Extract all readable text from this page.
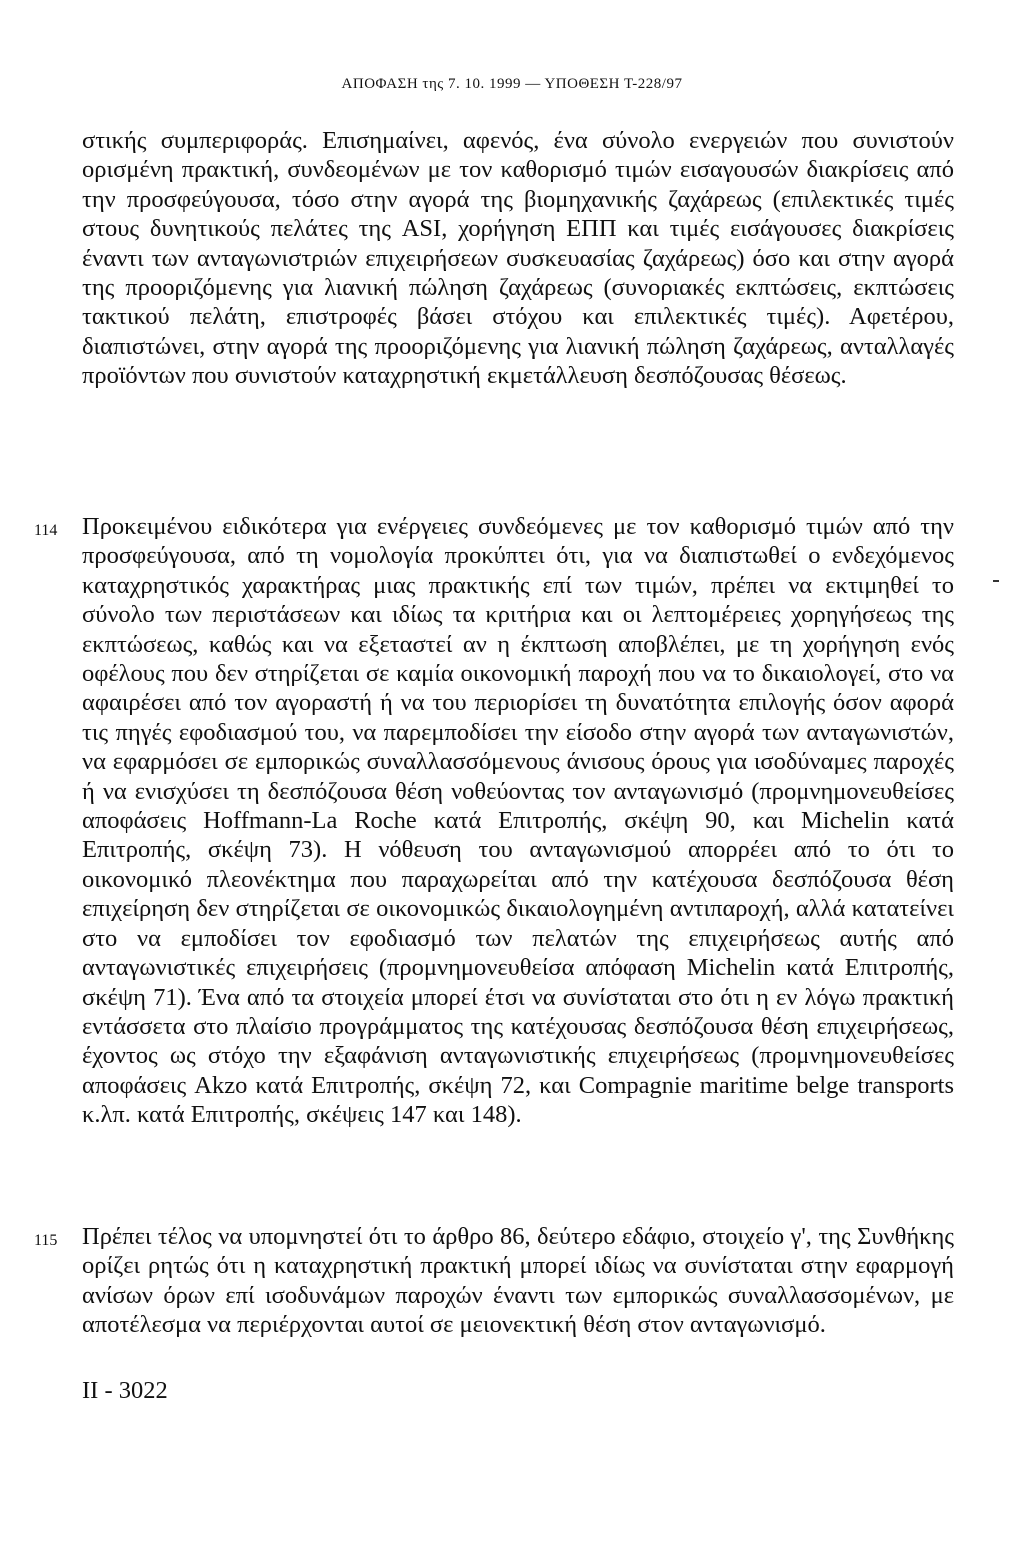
ΑΠΟΦΑΣΗ της 7. 10. 1999 — ΥΠΟΘΕΣΗ Τ-228/97

στικής συμπεριφοράς. Επισημαίνει, αφενός, ένα σύνολο ενεργειών που συνιστούν ορισμένη πρακτική, συνδεομένων με τον καθορισμό τιμών εισαγουσών διακρίσεις από την προσφεύγουσα, τόσο στην αγορά της βιομηχανικής ζαχάρεως (επιλεκτικές τιμές στους δυνητικούς πελάτες της ASI, χορήγηση ΕΠΠ και τιμές εισάγουσες διακρίσεις έναντι των ανταγωνιστριών επιχειρήσεων συσκευασίας ζαχάρεως) όσο και στην αγορά της προοριζόμενης για λιανική πώληση ζαχάρεως (συνοριακές εκπτώσεις, εκπτώσεις τακτικού πελάτη, επιστροφές βάσει στόχου και επιλεκτικές τιμές). Αφετέρου, διαπιστώνει, στην αγορά της προοριζόμενης για λιανική πώληση ζαχάρεως, ανταλλαγές προϊόντων που συνιστούν καταχρηστική εκμετάλλευση δεσπόζουσας θέσεως.

114 Προκειμένου ειδικότερα για ενέργειες συνδεόμενες με τον καθορισμό τιμών από την προσφεύγουσα, από τη νομολογία προκύπτει ότι, για να διαπιστωθεί ο ενδεχόμενος καταχρηστικός χαρακτήρας μιας πρακτικής επί των τιμών, πρέπει να εκτιμηθεί το σύνολο των περιστάσεων και ιδίως τα κριτήρια και οι λεπτομέρειες χορηγήσεως της εκπτώσεως, καθώς και να εξεταστεί αν η έκπτωση αποβλέπει, με τη χορήγηση ενός οφέλους που δεν στηρίζεται σε καμία οικονομική παροχή που να το δικαιολογεί, στο να αφαιρέσει από τον αγοραστή ή να του περιορίσει τη δυνατότητα επιλογής όσον αφορά τις πηγές εφοδιασμού του, να παρεμποδίσει την είσοδο στην αγορά των ανταγωνιστών, να εφαρμόσει σε εμπορικώς συναλλασσόμενους άνισους όρους για ισοδύναμες παροχές ή να ενισχύσει τη δεσπόζουσα θέση νοθεύοντας τον ανταγωνισμό (προμνημονευθείσες αποφάσεις Hoffmann-La Roche κατά Επιτροπής, σκέψη 90, και Michelin κατά Επιτροπής, σκέψη 73). Η νόθευση του ανταγωνισμού απορρέει από το ότι το οικονομικό πλεονέκτημα που παραχωρείται από την κατέχουσα δεσπόζουσα θέση επιχείρηση δεν στηρίζεται σε οικονομικώς δικαιολογημένη αντιπαροχή, αλλά κατατείνει στο να εμποδίσει τον εφοδιασμό των πελατών της επιχειρήσεως αυτής από ανταγωνιστικές επιχειρήσεις (προμνημονευθείσα απόφαση Michelin κατά Επιτροπής, σκέψη 71). Ένα από τα στοιχεία μπορεί έτσι να συνίσταται στο ότι η εν λόγω πρακτική εντάσσετα στο πλαίσιο προγράμματος της κατέχουσας δεσπόζουσα θέση επιχειρήσεως, έχοντος ως στόχο την εξαφάνιση ανταγωνιστικής επιχειρήσεως (προμνημονευθείσες αποφάσεις Akzo κατά Επιτροπής, σκέψη 72, και Compagnie maritime belge transports κ.λπ. κατά Επιτροπής, σκέψεις 147 και 148).

115 Πρέπει τέλος να υπομνηστεί ότι το άρθρο 86, δεύτερο εδάφιο, στοιχείο γ', της Συνθήκης ορίζει ρητώς ότι η καταχρηστική πρακτική μπορεί ιδίως να συνίσταται στην εφαρμογή ανίσων όρων επί ισοδυνάμων παροχών έναντι των εμπορικώς συναλλασσομένων, με αποτέλεσμα να περιέρχονται αυτοί σε μειονεκτική θέση στον ανταγωνισμό.

II - 3022
